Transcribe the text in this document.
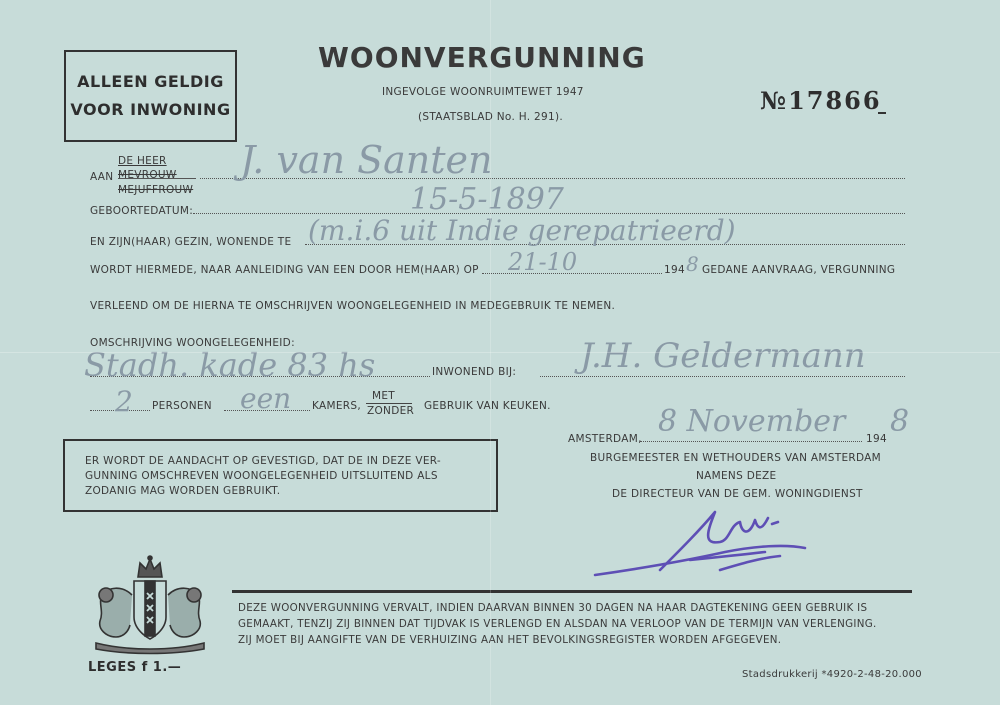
ALLEEN GELDIG
VOOR INWONING
WOONVERGUNNING
INGEVOLGE WOONRUIMTEWET 1947
(STAATSBLAD No. H. 291).
№17866
AAN
DE HEER
MEVROUW
MEJUFFROUW
J. van Santen
GEBOORTEDATUM:	15-5-1897
EN ZIJN(HAAR) GEZIN, WONENDE TE (m.i.6 uit Indie gerepatrieerd)
WORDT HIERMEDE, NAAR AANLEIDING VAN EEN DOOR HEM(HAAR) OP 21-10	194 8 GEDANE AANVRAAG, VERGUNNING
VERLEEND OM DE HIERNA TE OMSCHRIJVEN WOONGELEGENHEID IN MEDEGEBRUIK TE NEMEN.
OMSCHRIJVING WOONGELEGENHEID:
Stadh. kade 83 hs	INWONEND BIJ: J.H. Geldermann
2 PERSONEN een KAMERS,
MET
ZONDER GEBRUIK VAN KEUKEN.
ER WORDT DE AANDACHT OP GEVESTIGD, DAT DE IN DEZE VER-
GUNNING OMSCHREVEN WOONGELEGENHEID UITSLUITEND ALS
ZODANIG MAG WORDEN GEBRUIKT.
AMSTERDAM, 8 November 194 8
BURGEMEESTER EN WETHOUDERS VAN AMSTERDAM
NAMENS DEZE
DE DIRECTEUR VAN DE GEM. WONINGDIENST
DEZE WOONVERGUNNING VERVALT, INDIEN DAARVAN BINNEN 30 DAGEN NA HAAR DAGTEKENING GEEN GEBRUIK IS
GEMAAKT, TENZIJ ZIJ BINNEN DAT TIJDVAK IS VERLENGD EN ALSDAN NA VERLOOP VAN DE TERMIJN VAN VERLENGING.
ZIJ MOET BIJ AANGIFTE VAN DE VERHUIZING AAN HET BEVOLKINGSREGISTER WORDEN AFGEGEVEN.
LEGES f 1.—	Stadsdrukkerij *4920-2-48-20.000
